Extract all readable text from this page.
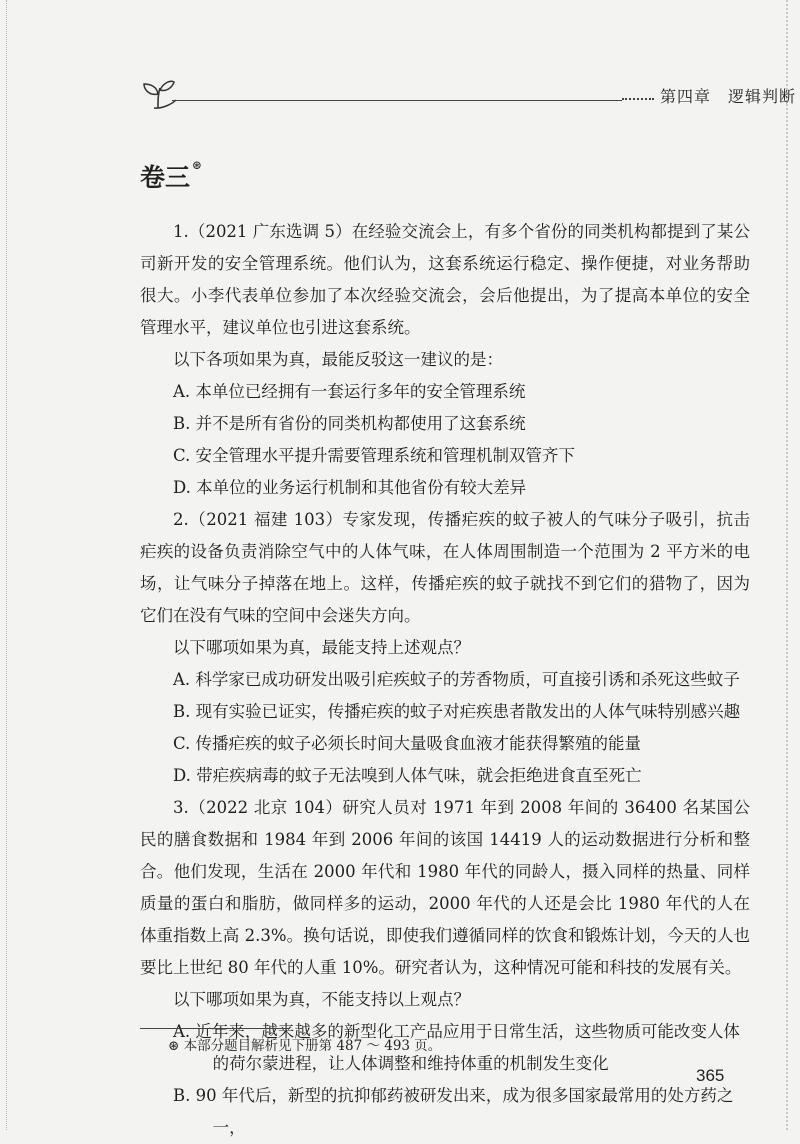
第四章　逻辑判断
卷三 ⊛

1.（2021 广东选调 5）在经验交流会上，有多个省份的同类机构都提到了某公司新开发的安全管理系统。他们认为，这套系统运行稳定、操作便捷，对业务帮助很大。小李代表单位参加了本次经验交流会，会后他提出，为了提高本单位的安全管理水平，建议单位也引进这套系统。

以下各项如果为真，最能反驳这一建议的是：

A. 本单位已经拥有一套运行多年的安全管理系统

B. 并不是所有省份的同类机构都使用了这套系统

C. 安全管理水平提升需要管理系统和管理机制双管齐下

D. 本单位的业务运行机制和其他省份有较大差异

2.（2021 福建 103）专家发现，传播疟疾的蚊子被人的气味分子吸引，抗击疟疾的设备负责消除空气中的人体气味，在人体周围制造一个范围为 2 平方米的电场，让气味分子掉落在地上。这样，传播疟疾的蚊子就找不到它们的猎物了，因为它们在没有气味的空间中会迷失方向。

以下哪项如果为真，最能支持上述观点？

A. 科学家已成功研发出吸引疟疾蚊子的芳香物质，可直接引诱和杀死这些蚊子

B. 现有实验已证实，传播疟疾的蚊子对疟疾患者散发出的人体气味特别感兴趣

C. 传播疟疾的蚊子必须长时间大量吸食血液才能获得繁殖的能量

D. 带疟疾病毒的蚊子无法嗅到人体气味，就会拒绝进食直至死亡

3.（2022 北京 104）研究人员对 1971 年到 2008 年间的 36400 名某国公民的膳食数据和 1984 年到 2006 年间的该国 14419 人的运动数据进行分析和整合。他们发现，生活在 2000 年代和 1980 年代的同龄人，摄入同样的热量、同样质量的蛋白和脂肪，做同样多的运动，2000 年代的人还是会比 1980 年代的人在体重指数上高 2.3%。换句话说，即使我们遵循同样的饮食和锻炼计划，今天的人也要比上世纪 80 年代的人重 10%。研究者认为，这种情况可能和科技的发展有关。

以下哪项如果为真，不能支持以上观点？

A. 近年来，越来越多的新型化工产品应用于日常生活，这些物质可能改变人体的荷尔蒙进程，让人体调整和维持体重的机制发生变化

B. 90 年代后，新型的抗抑郁药被研发出来，成为很多国家最常用的处方药之一，

⊛ 本部分题目解析见下册第 487 ～ 493 页。
365
